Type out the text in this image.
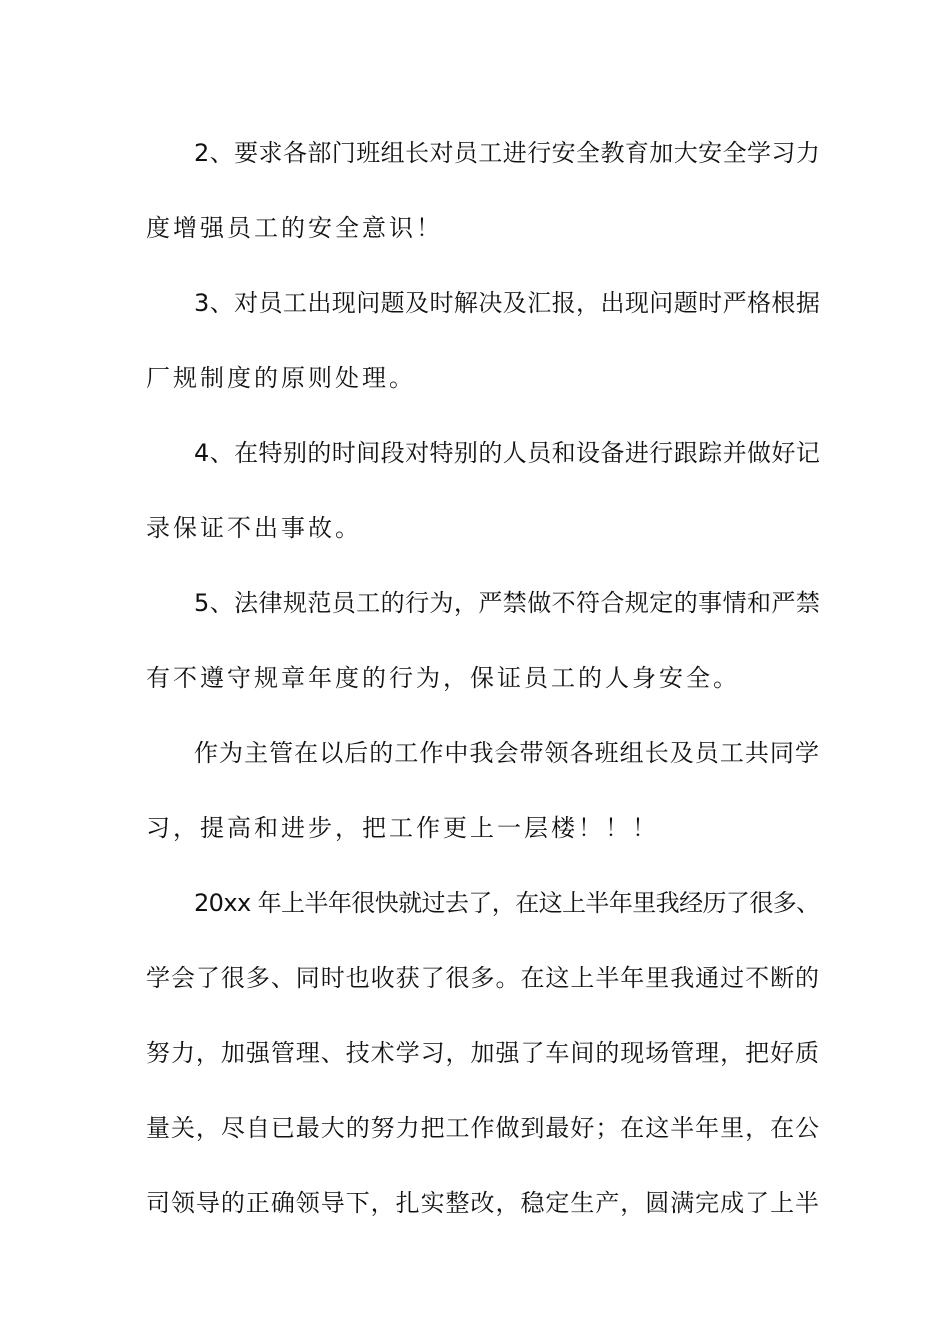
2、要求各部门班组长对员工进行安全教育加大安全学习力

度增强员工的安全意识！

3、对员工出现问题及时解决及汇报，出现问题时严格根据

厂规制度的原则处理。

4、在特别的时间段对特别的人员和设备进行跟踪并做好记

录保证不出事故。

5、法律规范员工的行为，严禁做不符合规定的事情和严禁

有不遵守规章年度的行为，保证员工的人身安全。

作为主管在以后的工作中我会带领各班组长及员工共同学

习，提高和进步，把工作更上一层楼！！！

20xx 年上半年很快就过去了，在这上半年里我经历了很多、

学会了很多、同时也收获了很多。在这上半年里我通过不断的

努力，加强管理、技术学习，加强了车间的现场管理，把好质

量关，尽自已最大的努力把工作做到最好；在这半年里，在公

司领导的正确领导下，扎实整改，稳定生产，圆满完成了上半
